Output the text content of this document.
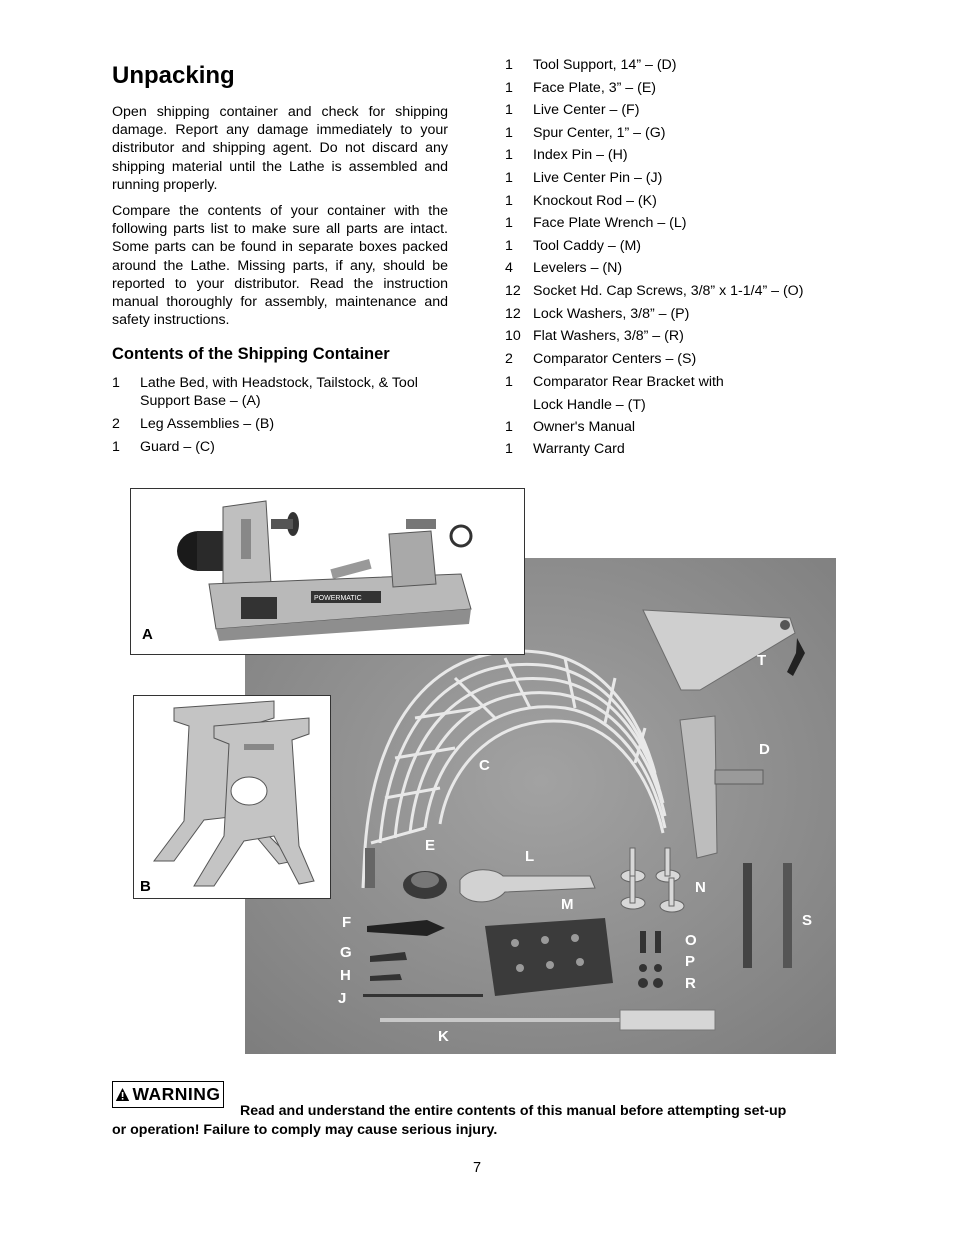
Unpacking

Open shipping container and check for shipping damage. Report any damage immediately to your distributor and shipping agent. Do not discard any shipping material until the Lathe is assembled and running properly.

Compare the contents of your container with the following parts list to make sure all parts are intact. Some parts can be found in separate boxes packed around the Lathe. Missing parts, if any, should be reported to your distributor. Read the instruction manual thoroughly for assembly, maintenance and safety instructions.

Contents of the Shipping Container
1 Lathe Bed, with Headstock, Tailstock, & Tool Support Base – (A)
2 Leg Assemblies – (B)
1 Guard – (C)
1 Tool Support, 14” – (D)
1 Face Plate, 3” – (E)
1 Live Center – (F)
1 Spur Center, 1” – (G)
1 Index Pin – (H)
1 Live Center Pin – (J)
1 Knockout Rod – (K)
1 Face Plate Wrench – (L)
1 Tool Caddy – (M)
4 Levelers – (N)
12 Socket Hd. Cap Screws, 3/8” x 1-1/4” – (O)
12 Lock Washers, 3/8” – (P)
10 Flat Washers, 3/8” – (R)
2 Comparator Centers – (S)
1 Comparator Rear Bracket with
Lock Handle – (T)
1 Owner's Manual
1 Warranty Card
T
D
C
E
L
N
M
F	S
G
O
H
P
J
R
K
POWERMATIC
A
B
WARNING
Read and understand the entire contents of this manual before attempting set-up
or operation! Failure to comply may cause serious injury.
7
